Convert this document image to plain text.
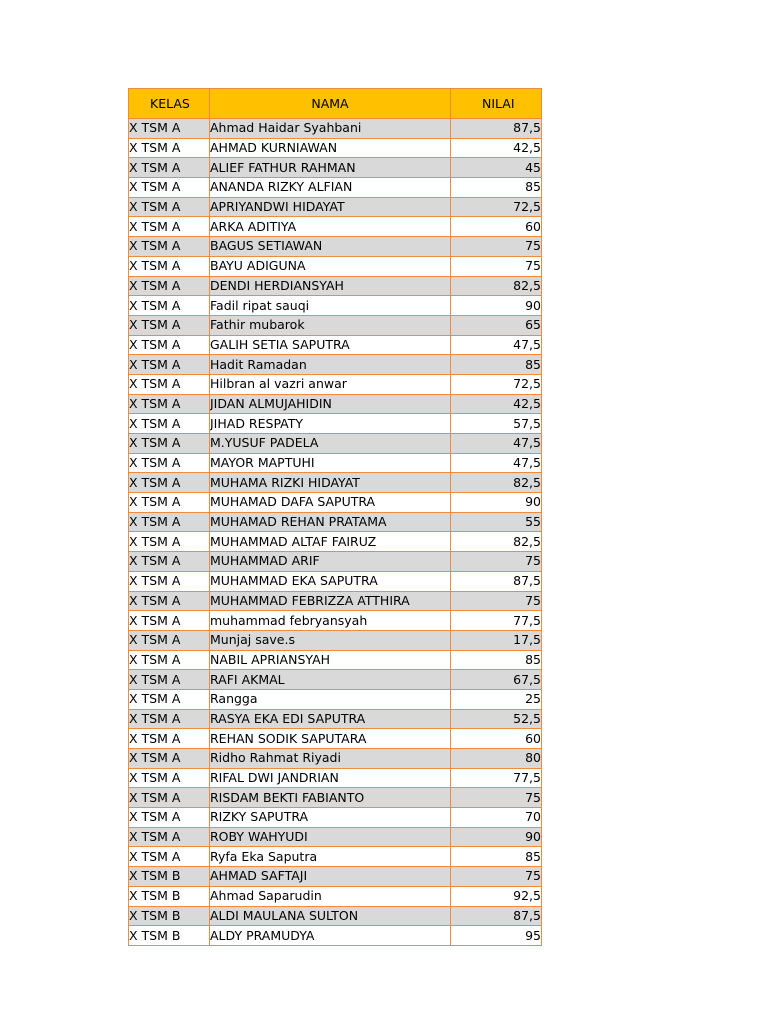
KELAS	NAMA	NILAI
X TSM A	Ahmad Haidar Syahbani	87,5
X TSM A	AHMAD KURNIAWAN	42,5
X TSM A	ALIEF FATHUR RAHMAN	45
X TSM A	ANANDA RIZKY ALFIAN	85
X TSM A	APRIYANDWI HIDAYAT	72,5
X TSM A	ARKA ADITIYA	60
X TSM A	BAGUS SETIAWAN	75
X TSM A	BAYU ADIGUNA	75
X TSM A	DENDI HERDIANSYAH	82,5
X TSM A	Fadil ripat sauqi	90
X TSM A	Fathir mubarok	65
X TSM A	GALIH SETIA SAPUTRA	47,5
X TSM A	Hadit Ramadan	85
X TSM A	Hilbran al vazri anwar	72,5
X TSM A	JIDAN ALMUJAHIDIN	42,5
X TSM A	JIHAD RESPATY	57,5
X TSM A	M.YUSUF PADELA	47,5
X TSM A	MAYOR MAPTUHI	47,5
X TSM A	MUHAMA RIZKI HIDAYAT	82,5
X TSM A	MUHAMAD DAFA SAPUTRA	90
X TSM A	MUHAMAD REHAN PRATAMA	55
X TSM A	MUHAMMAD ALTAF FAIRUZ	82,5
X TSM A	MUHAMMAD ARIF	75
X TSM A	MUHAMMAD EKA SAPUTRA	87,5
X TSM A	MUHAMMAD FEBRIZZA ATTHIRA	75
X TSM A	muhammad febryansyah	77,5
X TSM A	Munjaj save.s	17,5
X TSM A	NABIL APRIANSYAH	85
X TSM A	RAFI AKMAL	67,5
X TSM A	Rangga	25
X TSM A	RASYA EKA EDI SAPUTRA	52,5
X TSM A	REHAN SODIK SAPUTARA	60
X TSM A	Ridho Rahmat Riyadi	80
X TSM A	RIFAL DWI JANDRIAN	77,5
X TSM A	RISDAM BEKTI FABIANTO	75
X TSM A	RIZKY SAPUTRA	70
X TSM A	ROBY WAHYUDI	90
X TSM A	Ryfa Eka Saputra	85
X TSM B	AHMAD SAFTAJI	75
X TSM B	Ahmad Saparudin	92,5
X TSM B	ALDI MAULANA SULTON	87,5
X TSM B	ALDY PRAMUDYA	95
